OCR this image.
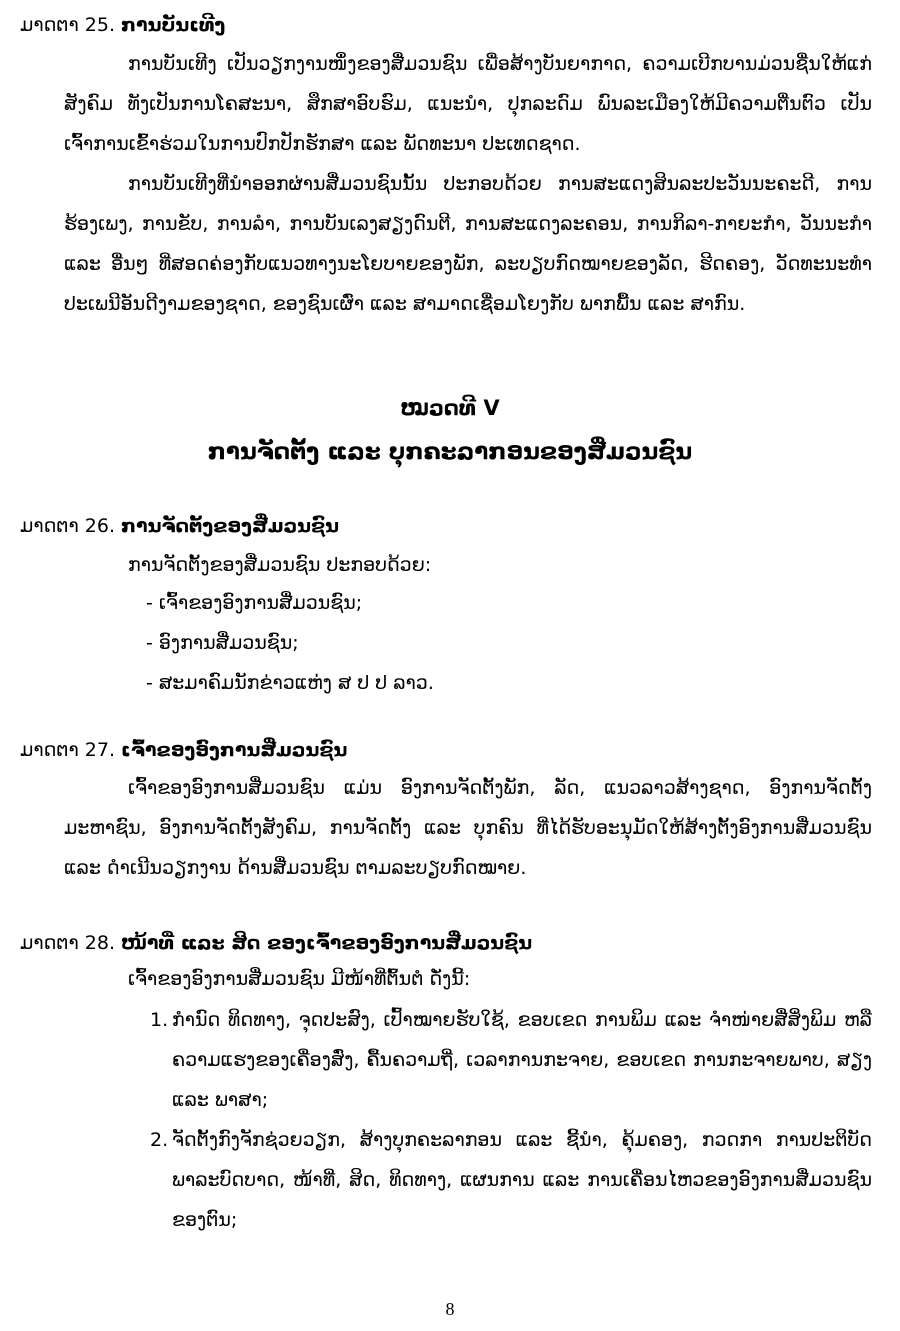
ມາດຕາ 25. ການບັນເທີງ
ການບັນເທີງ ເປັນວຽກງານໜຶ່ງຂອງສື່ມວນຊົນ ເພື່ອສ້າງບັນຍາກາດ, ຄວາມເບີກບານມ່ວນຊື່ນໃຫ້ແກ່ສັງຄົມ ທັງເປັນການໂຄສະນາ, ສຶກສາອົບຮົມ, ແນະນໍາ, ປຸກລະດົມ ພົນລະເມືອງໃຫ້ມີຄວາມຕື່ນຕົວ ເປັນເຈົ້າການເຂົ້າຮ່ວມໃນການປົກປັກຮັກສາ ແລະ ພັດທະນາ ປະເທດຊາດ.
ການບັນເທີງທີ່ນໍາອອກຜ່ານສື່ມວນຊົນນັ້ນ ປະກອບດ້ວຍ ການສະແດງສິນລະປະວັນນະຄະດີ, ການຮ້ອງເພງ, ການຂັບ, ການລໍາ, ການບັນເລງສຽງດົນຕີ, ການສະແດງລະຄອນ, ການກິລາ-ກາຍະກໍາ, ວັນນະກໍາ ແລະ ອື່ນໆ ທີ່ສອດຄ່ອງກັບແນວທາງນະໂຍບາຍຂອງພັກ, ລະບຽບກົດໝາຍຂອງລັດ, ຮີດຄອງ, ວັດທະນະທໍາ ປະເພນີອັນດີງາມຂອງຊາດ, ຂອງຊົນເຜົ່າ ແລະ ສາມາດເຊື່ອມໂຍງກັບ ພາກພື້ນ ແລະ ສາກົນ.
ໝວດທີ V
ການຈັດຕັ້ງ ແລະ ບຸກຄະລາກອນຂອງສື່ມວນຊົນ
ມາດຕາ 26. ການຈັດຕັ້ງຂອງສື່ມວນຊົນ
ການຈັດຕັ້ງຂອງສື່ມວນຊົນ ປະກອບດ້ວຍ:
- ເຈົ້າຂອງອົງການສື່ມວນຊົນ;
- ອົງການສື່ມວນຊົນ;
- ສະມາຄົມນັກຂ່າວແຫ່ງ ສ ປ ປ ລາວ.
ມາດຕາ 27. ເຈົ້າຂອງອົງການສື່ມວນຊົນ
ເຈົ້າຂອງອົງການສື່ມວນຊົນ ແມ່ນ ອົງການຈັດຕັ້ງພັກ, ລັດ, ແນວລາວສ້າງຊາດ, ອົງການຈັດຕັ້ງມະຫາຊົນ, ອົງການຈັດຕັ້ງສັງຄົມ, ການຈັດຕັ້ງ ແລະ ບຸກຄົນ ທີ່ໄດ້ຮັບອະນຸມັດໃຫ້ສ້າງຕັ້ງອົງການສື່ມວນຊົນ ແລະ ດໍາເນີນວຽກງານ ດ້ານສື່ມວນຊົນ ຕາມລະບຽບກົດໝາຍ.
ມາດຕາ 28. ໜ້າທີ່ ແລະ ສິດ ຂອງເຈົ້າຂອງອົງການສື່ມວນຊົນ
ເຈົ້າຂອງອົງການສື່ມວນຊົນ ມີໜ້າທີ່ຕົ້ນຕໍ ດັ່ງນີ້:
1. ກໍານົດ ທິດທາງ, ຈຸດປະສົງ, ເປົ້າໝາຍຮັບໃຊ້, ຂອບເຂດ ການພິມ ແລະ ຈໍາໜ່າຍສື່ສິ່ງພິມ ຫລື ຄວາມແຮງຂອງເຄື່ອງສົ່ງ, ຄື້ນຄວາມຖີ່, ເວລາການກະຈາຍ, ຂອບເຂດ ການກະຈາຍພາບ, ສຽງ ແລະ ພາສາ;
2. ຈັດຕັ້ງກົງຈັກຊ່ວຍວຽກ, ສ້າງບຸກຄະລາກອນ ແລະ ຊີ້ນໍາ, ຄຸ້ມຄອງ, ກວດກາ ການປະຕິບັດພາລະບົດບາດ, ໜ້າທີ່, ສິດ, ທິດທາງ, ແຜນການ ແລະ ການເຄື່ອນໄຫວຂອງອົງການສື່ມວນຊົນ ຂອງຕົນ;
8
